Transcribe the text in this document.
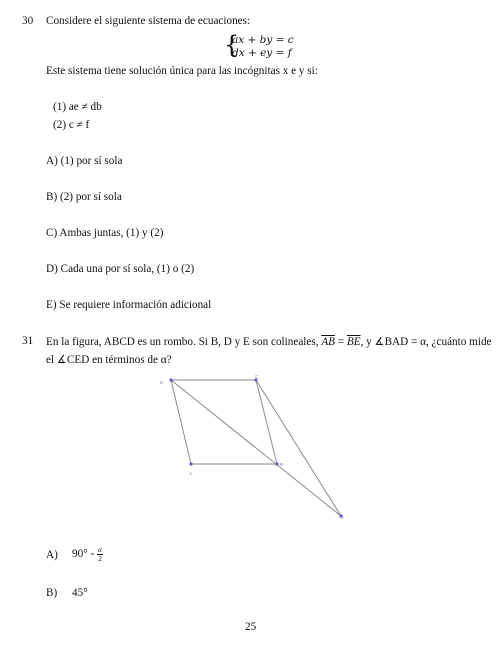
30 Considere el siguiente sistema de ecuaciones:
{
ax + by = c
dx + ey = f
Este sistema tiene solución única para las incógnitas x e y si:
(1) ae ≠ db
(2) c ≠ f
A) (1) por sí sola
B) (2) por sí sola
C) Ambas juntas, (1) y (2)
D) Cada una por sí sola, (1) o (2)
E) Se requiere información adicional
31 En la figura, ABCD es un rombo. Si B, D y E son colineales, $\overline{AB} = \overline{BE}$, y ∡BAD = α, ¿cuánto mide
el ∡CED en términos de α?
D
C
A
B
E
A) $90^\circ - \frac{\alpha}{2}$
B) 45°
25
